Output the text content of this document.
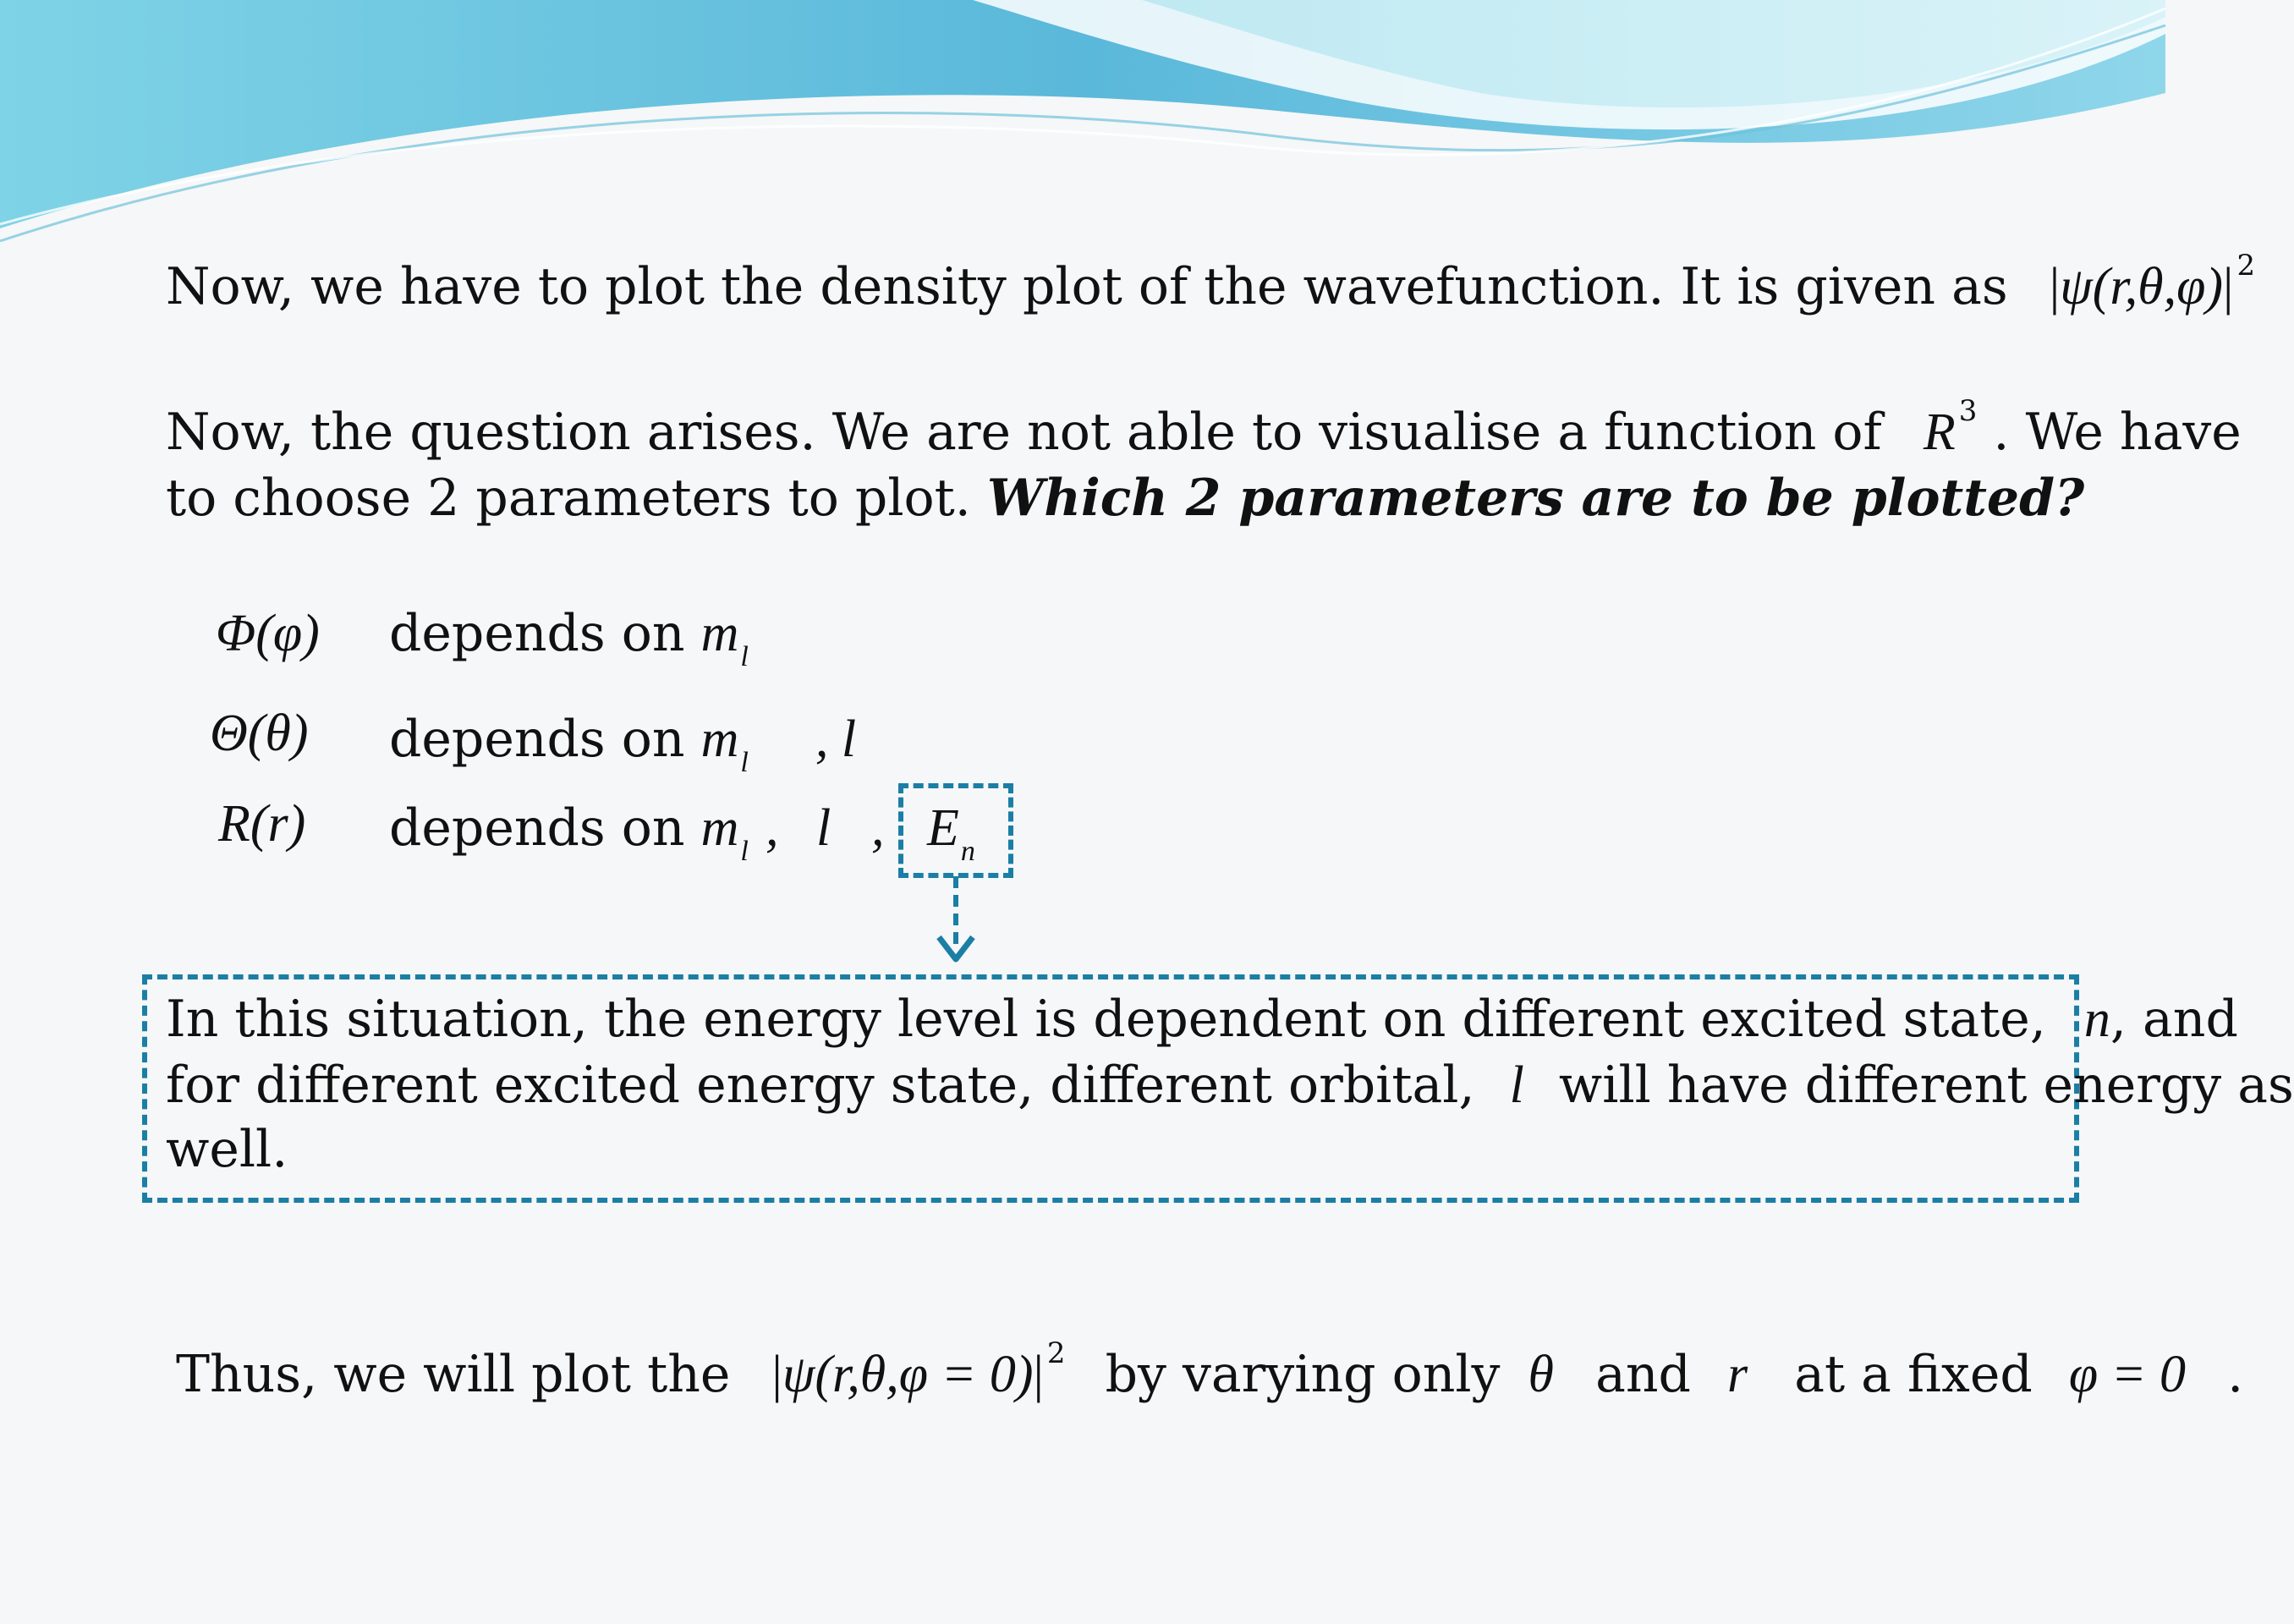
Now, we have to plot the density plot of the wavefunction. It is given as |ψ(r,θ,φ)| $^2$
Now, the question arises. We are not able to visualise a function of R $^3$ . We have
to choose 2 parameters to plot. Which 2 parameters are to be plotted?
Φ(φ) depends on $m_l$
Θ(θ) depends on $m_l$ , l
R(r) depends on $m_l$ , l , $E_n$
In this situation, the energy level is dependent on different excited state, n, and
for different excited energy state, different orbital, l will have different energy as
well.
Thus, we will plot the |ψ(r,θ,φ = 0)| $^2$ by varying only θ and r at a fixed φ = 0 .
